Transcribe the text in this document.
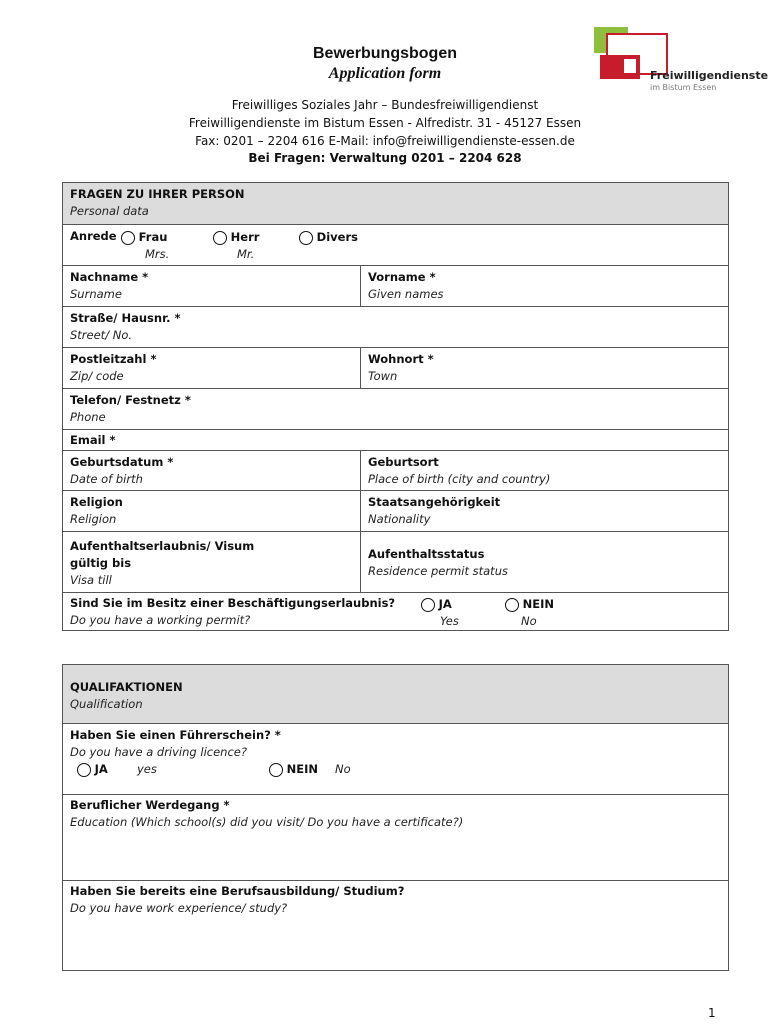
Freiwilligendienste
im Bistum Essen
Bewerbungsbogen
Application form
Freiwilliges Soziales Jahr – Bundesfreiwilligendienst
Freiwilligendienste im Bistum Essen - Alfredistr. 31 - 45127 Essen
Fax: 0201 – 2204 616 E-Mail: info@freiwilligendienste-essen.de
Bei Fragen: Verwaltung 0201 – 2204 628
FRAGEN ZU IHRER PERSON
Personal data
Anrede	Frau
Mrs.
Herr
Mr.
Divers
Nachname *
Surname
Vorname *
Given names
Straße/ Hausnr. *
Street/ No.
Postleitzahl *
Zip/ code
Wohnort *
Town
Telefon/ Festnetz *
Phone
Email *
Geburtsdatum *
Date of birth
Geburtsort
Place of birth (city and country)
Religion
Religion
Staatsangehörigkeit
Nationality
Aufenthaltserlaubnis/ Visum
gültig bis
Visa till
Aufenthaltsstatus
Residence permit status
Sind Sie im Besitz einer Beschäftigungserlaubnis?
Do you have a working permit?
JA
Yes
NEIN
No
QUALIFAKTIONEN
Qualification
Haben Sie einen Führerschein? *
Do you have a driving licence?
JA	yes	NEIN No
Beruflicher Werdegang *
Education (Which school(s) did you visit/ Do you have a certificate?)
Haben Sie bereits eine Berufsausbildung/ Studium?
Do you have work experience/ study?
1
